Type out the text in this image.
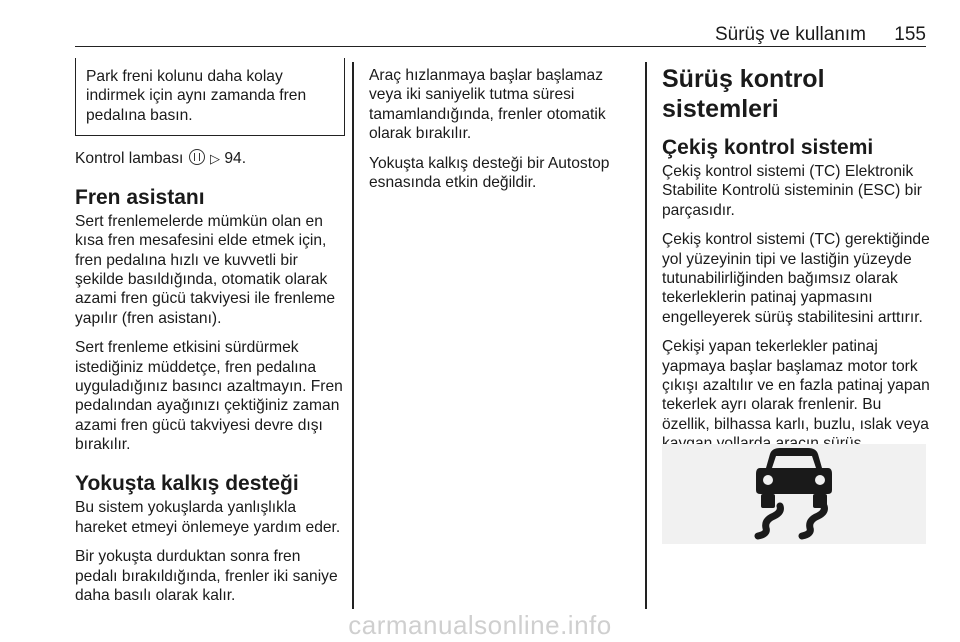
Sürüş ve kullanım 155
Park freni kolunu daha kolay indirmek için aynı zamanda fren pedalına basın.

Kontrol lambası ▷ 94.

Fren asistanı

Sert frenlemelerde mümkün olan en kısa fren mesafesini elde etmek için, fren pedalına hızlı ve kuvvetli bir şekilde basıldığında, otomatik olarak azami fren gücü takviyesi ile frenleme yapılır (fren asistanı).

Sert frenleme etkisini sürdürmek istediğiniz müddetçe, fren pedalına uyguladığınız basıncı azaltmayın. Fren pedalından ayağınızı çektiğiniz zaman azami fren gücü takviyesi devre dışı bırakılır.

Yokuşta kalkış desteği

Bu sistem yokuşlarda yanlışlıkla hareket etmeyi önlemeye yardım eder.

Bir yokuşta durduktan sonra fren pedalı bırakıldığında, frenler iki saniye daha basılı olarak kalır.

Araç hızlanmaya başlar başlamaz veya iki saniyelik tutma süresi tamamlandığında, frenler otomatik olarak bırakılır.

Yokuşta kalkış desteği bir Autostop esnasında etkin değildir.

Sürüş kontrol sistemleri
Çekiş kontrol sistemi

Çekiş kontrol sistemi (TC) Elektronik Stabilite Kontrolü sisteminin (ESC) bir parçasıdır.

Çekiş kontrol sistemi (TC) gerektiğinde yol yüzeyinin tipi ve lastiğin yüzeyde tutunabilirliğinden bağımsız olarak tekerleklerin patinaj yapmasını engelleyerek sürüş stabilitesini arttırır.

Çekişi yapan tekerlekler patinaj yapmaya başlar başlamaz motor tork çıkışı azaltılır ve en fazla patinaj yapan tekerlek ayrı olarak frenlenir. Bu özellik, bilhassa karlı, buzlu, ıslak veya

carmanualsonline.info
